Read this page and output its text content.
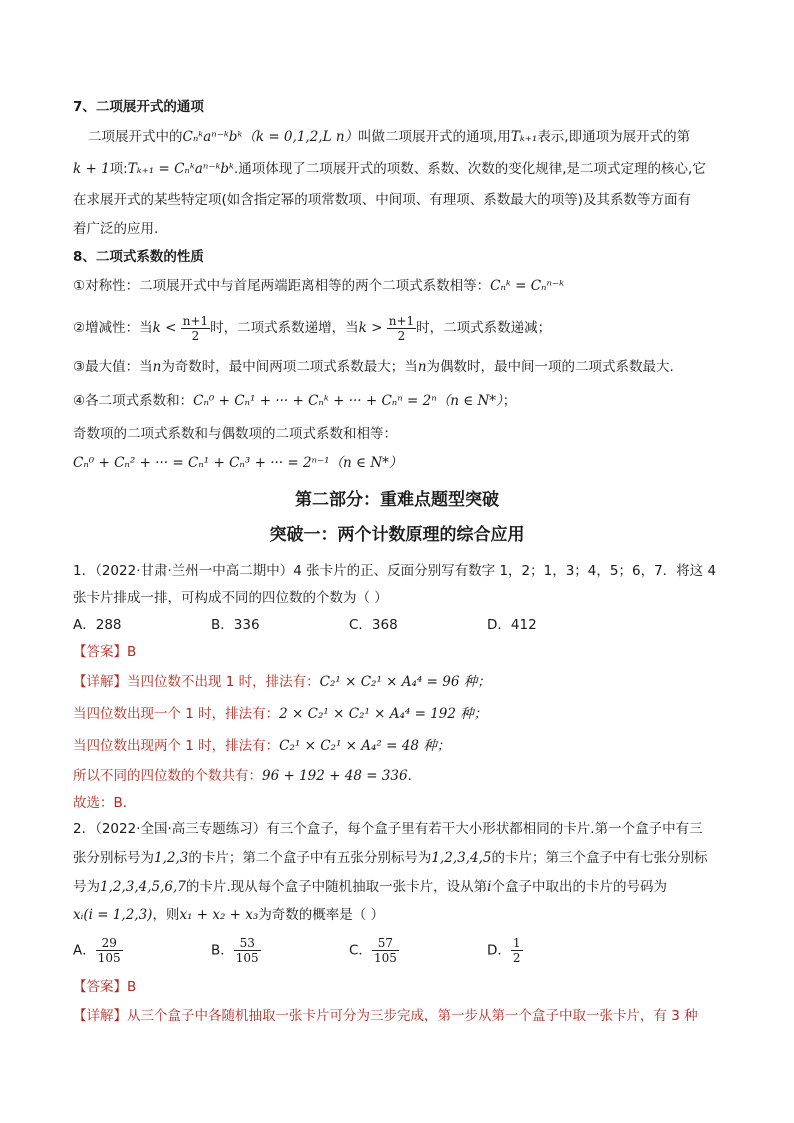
7、二项展开式的通项
二项展开式中的Cₙᵏaⁿ⁻ᵏbᵏ（k = 0,1,2,L n）叫做二项展开式的通项,用Tₖ₊₁表示,即通项为展开式的第
k + 1项:Tₖ₊₁ = Cₙᵏaⁿ⁻ᵏbᵏ.通项体现了二项展开式的项数、系数、次数的变化规律,是二项式定理的核心,它
在求展开式的某些特定项(如含指定幂的项常数项、中间项、有理项、系数最大的项等)及其系数等方面有
着广泛的应用.
8、二项式系数的性质
①对称性：二项展开式中与首尾两端距离相等的两个二项式系数相等：Cₙᵏ = Cₙⁿ⁻ᵏ
②增减性：当$k < \frac{n+1}{2}$ 时，二项式系数递增，当$k > \frac{n+1}{2}$ 时，二项式系数递减；
③最大值：当n为奇数时，最中间两项二项式系数最大；当n为偶数时，最中间一项的二项式系数最大.
④各二项式系数和：Cₙ⁰ + Cₙ¹ + ··· + Cₙᵏ + ··· + Cₙⁿ = 2ⁿ（n ∈ N*）；
奇数项的二项式系数和与偶数项的二项式系数和相等：
Cₙ⁰ + Cₙ² + ··· = Cₙ¹ + Cₙ³ + ··· = 2ⁿ⁻¹（n ∈ N*）
第二部分：重难点题型突破
突破一：两个计数原理的综合应用
1．（2022·甘肃·兰州一中高二期中）4 张卡片的正、反面分别写有数字 1，2；1，3；4，5；6，7．将这 4
张卡片排成一排，可构成不同的四位数的个数为（ ）
A．288	B．336	C．368	D．412
【答案】B
【详解】当四位数不出现 1 时，排法有：C₂¹ × C₂¹ × A₄⁴ = 96 种；
当四位数出现一个 1 时，排法有：2 × C₂¹ × C₂¹ × A₄⁴ = 192 种；
当四位数出现两个 1 时，排法有：C₂¹ × C₂¹ × A₄² = 48 种；
所以不同的四位数的个数共有：96 + 192 + 48 = 336．
故选：B．
2．（2022·全国·高三专题练习）有三个盒子，每个盒子里有若干大小形状都相同的卡片.第一个盒子中有三
张分别标号为1,2,3的卡片；第二个盒子中有五张分别标号为1,2,3,4,5的卡片；第三个盒子中有七张分别标
号为1,2,3,4,5,6,7的卡片.现从每个盒子中随机抽取一张卡片，设从第i个盒子中取出的卡片的号码为
xᵢ(i = 1,2,3)，则x₁ + x₂ + x₃为奇数的概率是（ ）
A． $\frac{29}{105}$	B． $\frac{53}{105}$	C． $\frac{57}{105}$	D． $\frac{1}{2}$
【答案】B
【详解】从三个盒子中各随机抽取一张卡片可分为三步完成，第一步从第一个盒子中取一张卡片，有 3 种
